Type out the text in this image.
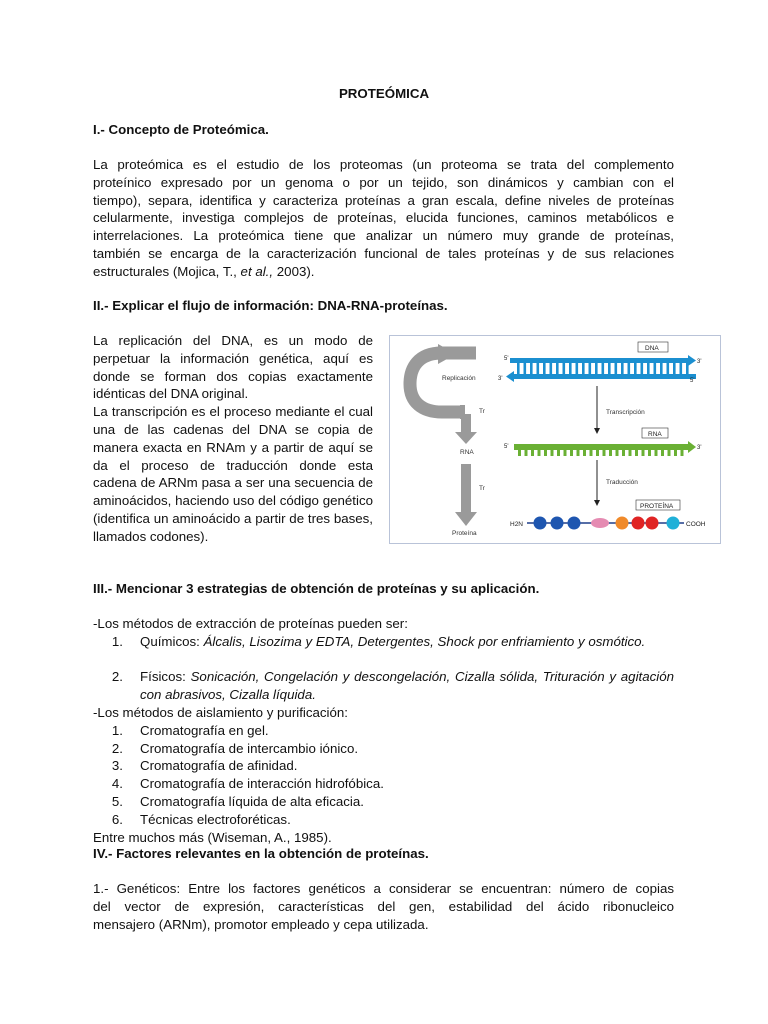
PROTEÓMICA
I.- Concepto de Proteómica.
La proteómica es el estudio de los proteomas (un proteoma se trata del complemento
proteínico expresado por un genoma o por un tejido, son dinámicos y cambian con el
tiempo), separa, identifica y caracteriza proteínas a gran escala, define niveles de proteínas
celularmente, investiga complejos de proteínas, elucida funciones, caminos metabólicos e
interrelaciones. La proteómica tiene que analizar un número muy grande de proteínas,
también se encarga de la caracterización funcional de tales proteínas y de sus relaciones
estructurales (Mojica, T., et al., 2003).
II.- Explicar el flujo de información: DNA-RNA-proteínas.

La replicación del DNA, es un modo de perpetuar la información genética, aquí es donde se forman dos copias exactamente idénticas del DNA original.

La transcripción es el proceso mediante el cual una de las cadenas del DNA se copia de manera exacta en RNAm y a partir de aquí se da el proceso de traducción donde esta cadena de ARNm pasa a ser una secuencia de aminoácidos, haciendo uso del código genético (identifica un aminoácido a partir de tres bases, llamados codones).

Replicación
Tr
RNA
Tr
Proteína
DNA
5'	3'
3'	5'
Transcripción
RNA
5'	3'
Traducción
PROTEÍNA
H2N	COOH
III.- Mencionar 3 estrategias de obtención de proteínas y su aplicación.
-Los métodos de extracción de proteínas pueden ser:
1. Químicos: Álcalis, Lisozima y EDTA, Detergentes, Shock por enfriamiento y osmótico.
2. Físicos: Sonicación, Congelación y descongelación, Cizalla sólida, Trituración y agitación con abrasivos, Cizalla líquida.
-Los métodos de aislamiento y purificación:
1. Cromatografía en gel.
2. Cromatografía de intercambio iónico.
3. Cromatografía de afinidad.
4. Cromatografía de interacción hidrofóbica.
5. Cromatografía líquida de alta eficacia.
6. Técnicas electroforéticas.
Entre muchos más (Wiseman, A., 1985).
IV.- Factores relevantes en la obtención de proteínas.
1.- Genéticos: Entre los factores genéticos a considerar se encuentran: número de copias
del vector de expresión, características del gen, estabilidad del ácido ribonucleico
mensajero (ARNm), promotor empleado y cepa utilizada.
